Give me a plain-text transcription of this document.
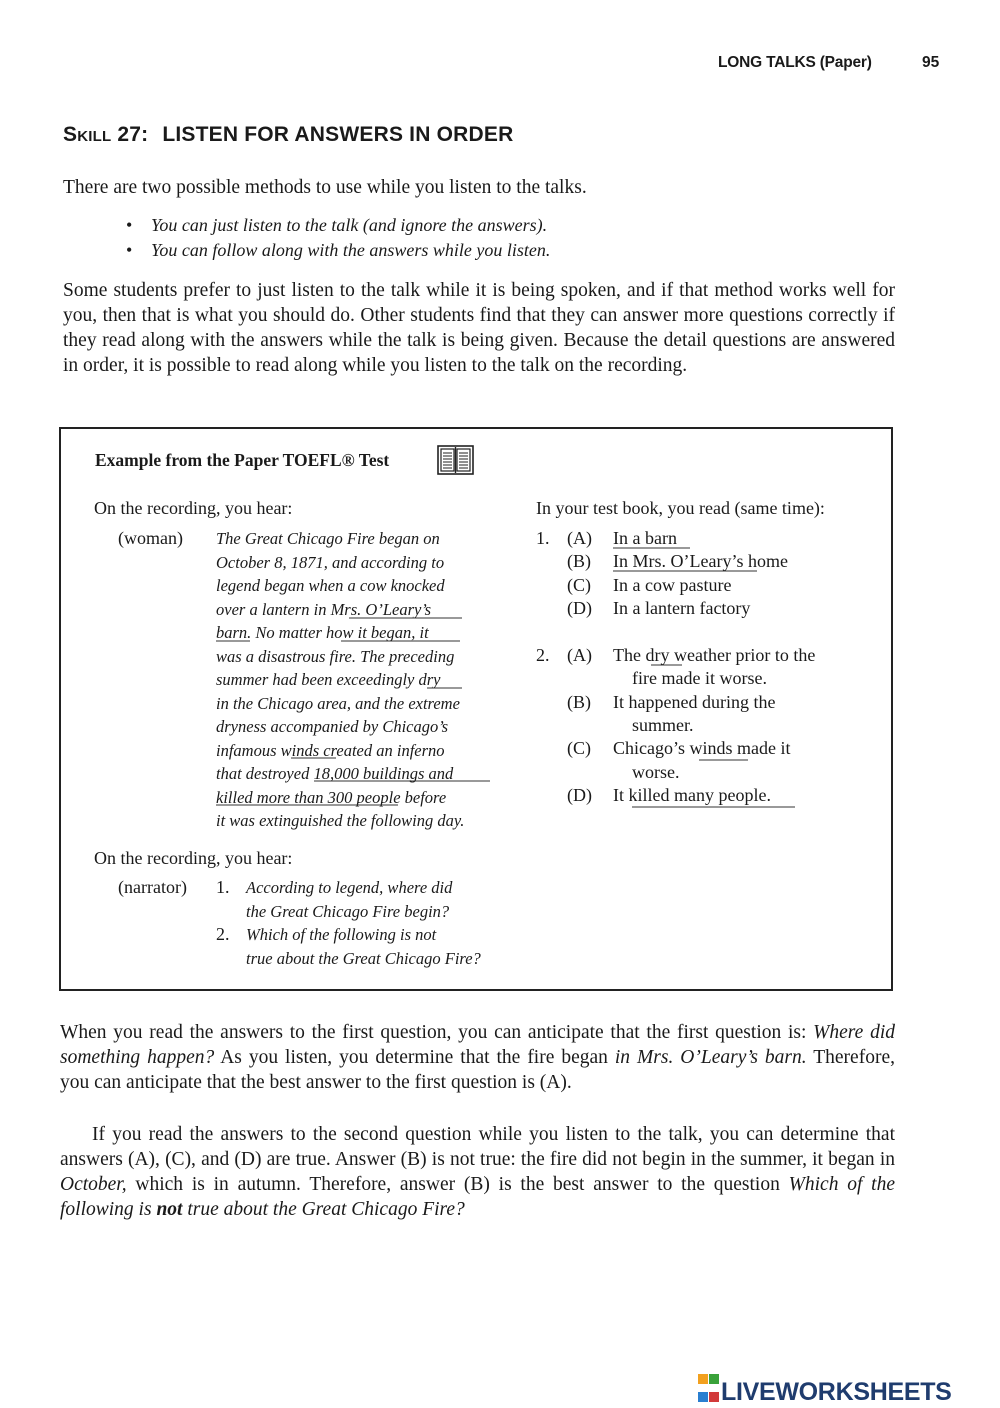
LONG TALKS (Paper)	95
Skill 27: LISTEN FOR ANSWERS IN ORDER
There are two possible methods to use while you listen to the talks.
• You can just listen to the talk (and ignore the answers).
• You can follow along with the answers while you listen.
Some students prefer to just listen to the talk while it is being spoken, and if that method works well for you, then that is what you should do. Other students find that they can answer more questions correctly if they read along with the answers while the talk is being given. Because the detail questions are answered in order, it is possible to read along while you listen to the talk on the recording.
Example from the Paper TOEFL® Test
On the recording, you hear:
(woman) The Great Chicago Fire began on
October 8, 1871, and according to
legend began when a cow knocked
over a lantern in Mrs. O’Leary’s
barn. No matter how it began, it
was a disastrous fire. The preceding
summer had been exceedingly dry
in the Chicago area, and the extreme
dryness accompanied by Chicago’s
infamous winds created an inferno
that destroyed 18,000 buildings and
killed more than 300 people before
it was extinguished the following day.
In your test book, you read (same time):
1. (A) In a barn
(B) In Mrs. O’Leary’s home
(C) In a cow pasture
(D) In a lantern factory
2. (A) The dry weather prior to the
fire made it worse.
(B) It happened during the
summer.
(C) Chicago’s winds made it
worse.
(D) It killed many people.
On the recording, you hear:
(narrator) 1. According to legend, where did
the Great Chicago Fire begin?
2. Which of the following is not
true about the Great Chicago Fire?
When you read the answers to the first question, you can anticipate that the first question is: Where did something happen? As you listen, you determine that the fire began in Mrs. O’Leary’s barn. Therefore, you can anticipate that the best answer to the first question is (A).
If you read the answers to the second question while you listen to the talk, you can determine that answers (A), (C), and (D) are true. Answer (B) is not true: the fire did not begin in the summer, it began in October, which is in autumn. Therefore, answer (B) is the best answer to the question Which of the following is not true about the Great Chicago Fire?
LIVEWORKSHEETS
